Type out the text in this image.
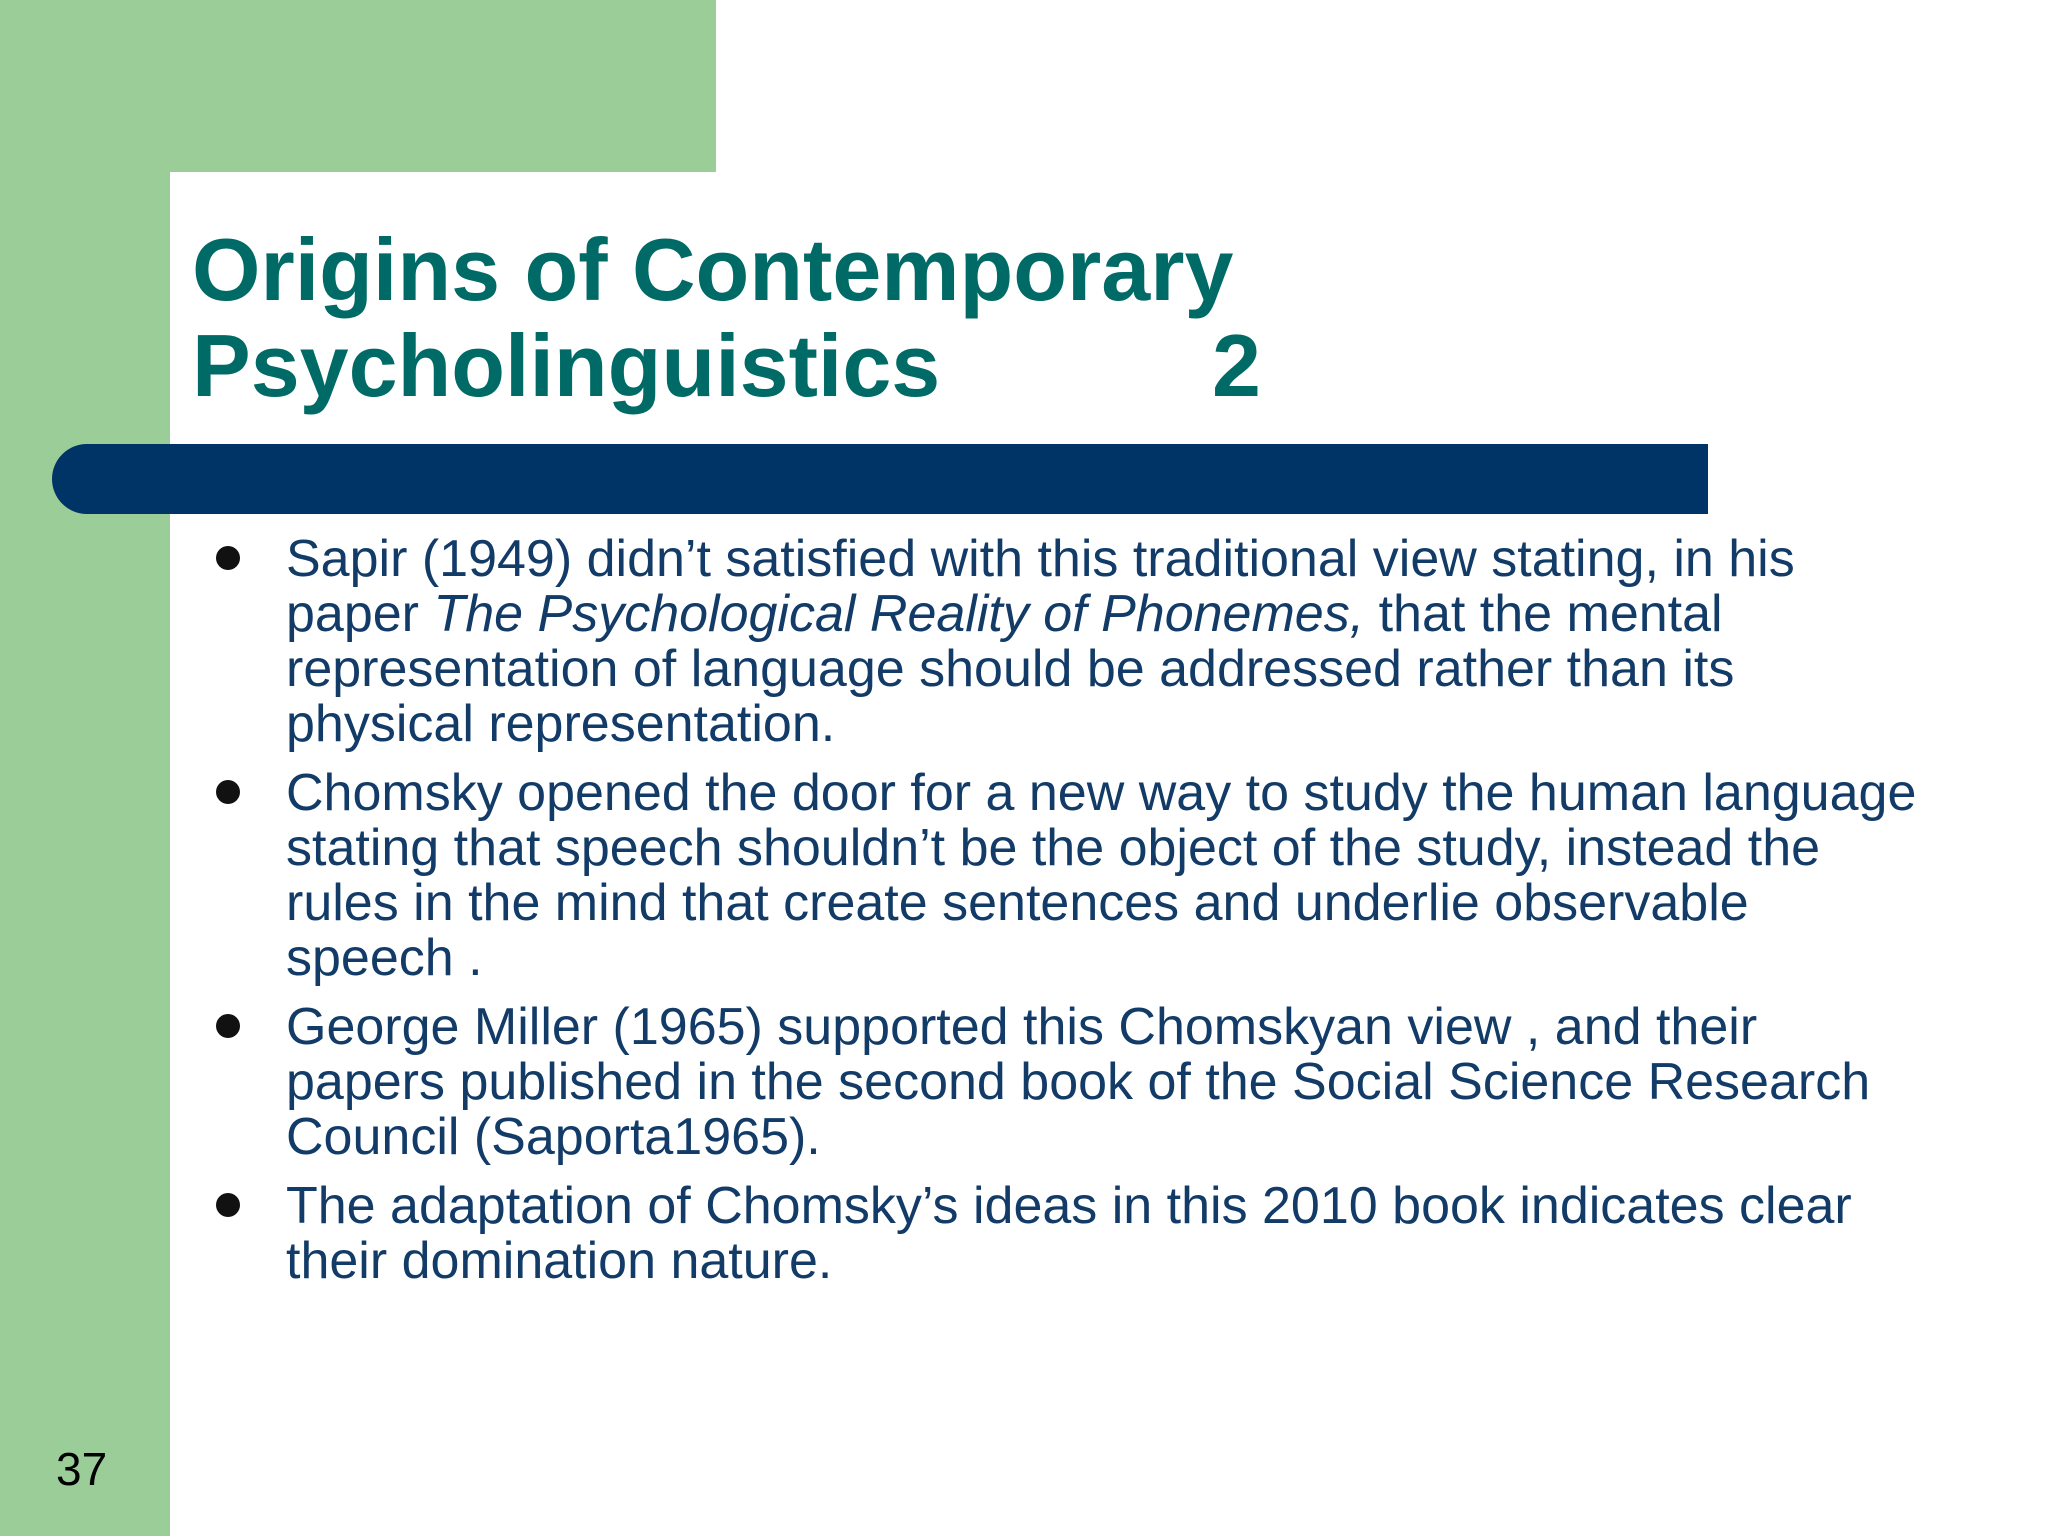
Origins of Contemporary
Psycholinguistics	2
Sapir (1949) didn’t satisfied with this traditional view stating, in his paper The Psychological Reality of Phonemes, that the mental representation of language should be addressed rather than its physical representation.
Chomsky opened the door for a new way to study the human language stating that speech shouldn’t be the object of the study, instead the rules in the mind that create sentences and underlie observable speech .
George Miller (1965) supported this Chomskyan view , and their papers published in the second book of the Social Science Research Council (Saporta1965).
The adaptation of Chomsky’s ideas in this 2010 book indicates clear their domination nature.
37
